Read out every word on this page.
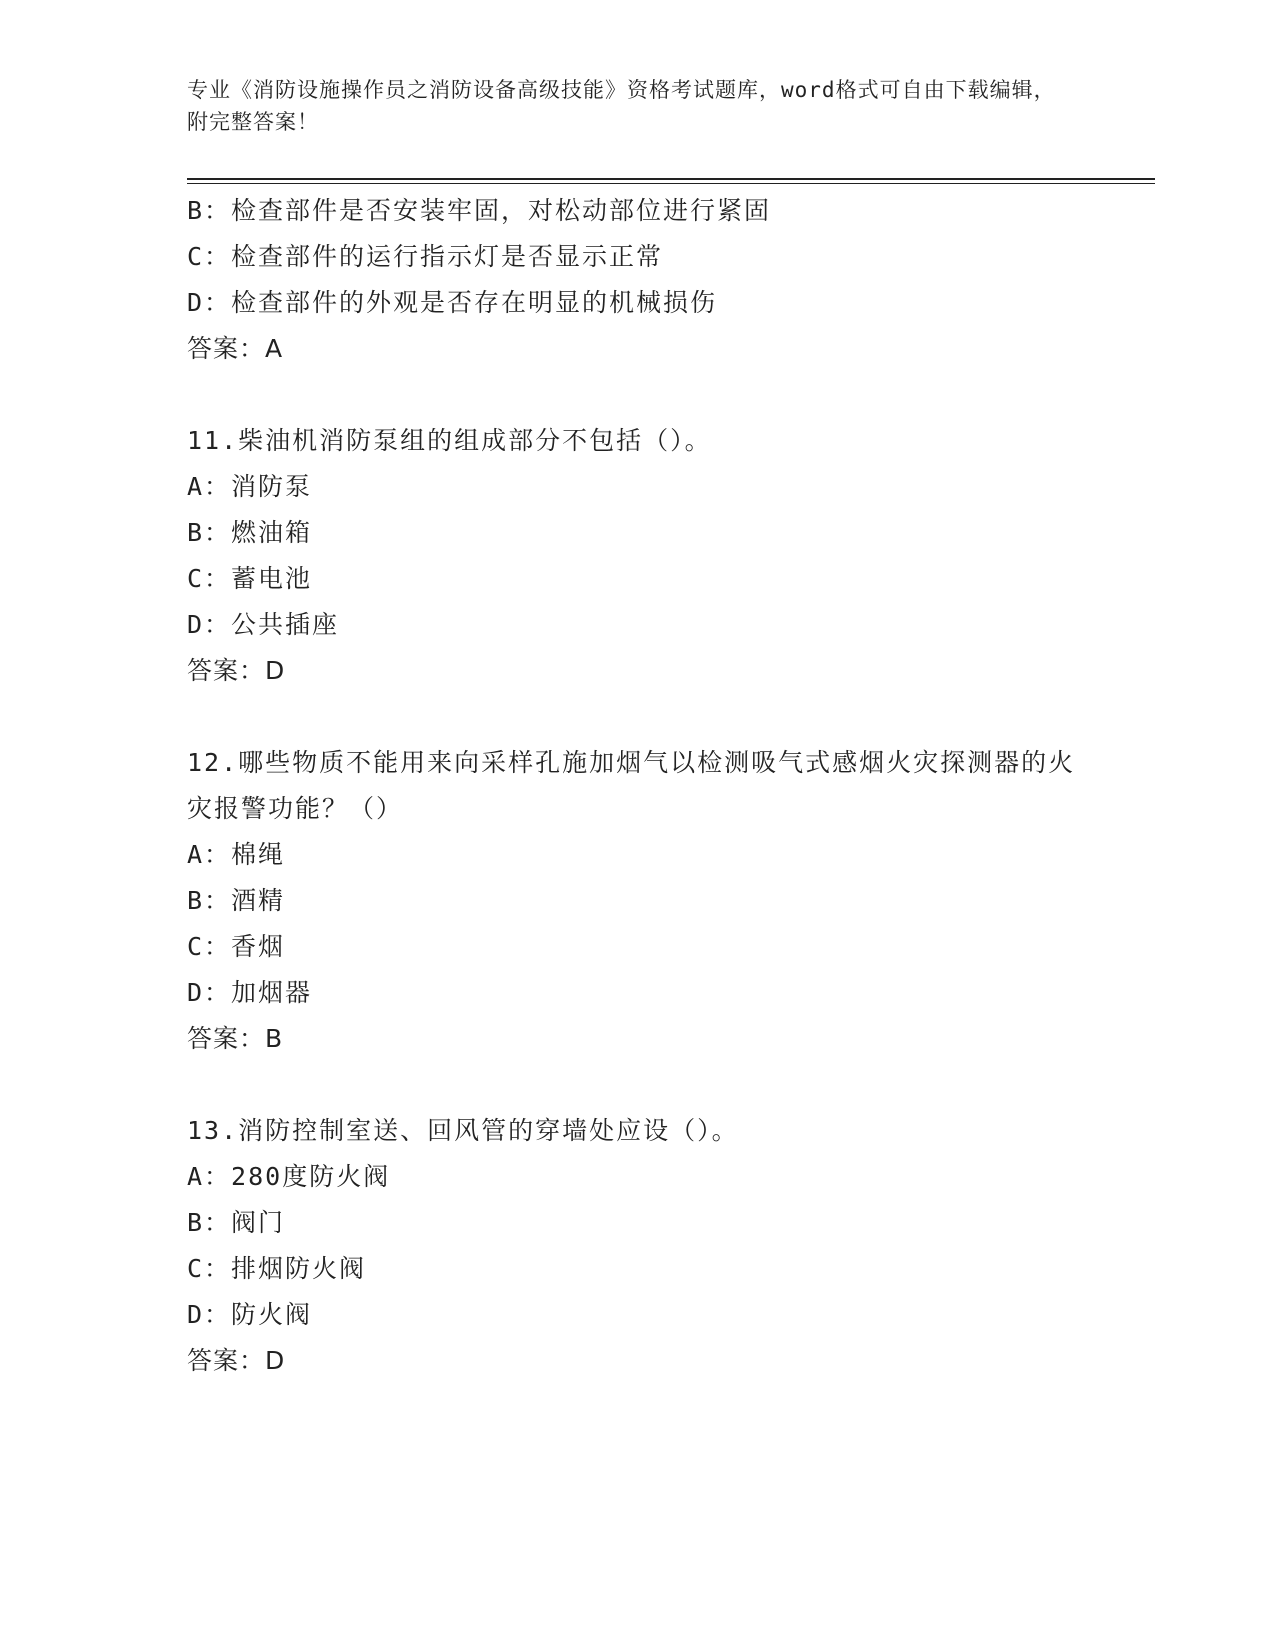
专业《消防设施操作员之消防设备高级技能》资格考试题库，word格式可自由下载编辑，附完整答案！
B：检查部件是否安装牢固，对松动部位进行紧固
C：检查部件的运行指示灯是否显示正常
D：检查部件的外观是否存在明显的机械损伤
答案：A
11.柴油机消防泵组的组成部分不包括（）。
A：消防泵
B：燃油箱
C：蓄电池
D：公共插座
答案：D
12.哪些物质不能用来向采样孔施加烟气以检测吸气式感烟火灾探测器的火灾报警功能？（）
A：棉绳
B：酒精
C：香烟
D：加烟器
答案：B
13.消防控制室送、回风管的穿墙处应设（）。
A：280度防火阀
B：阀门
C：排烟防火阀
D：防火阀
答案：D
